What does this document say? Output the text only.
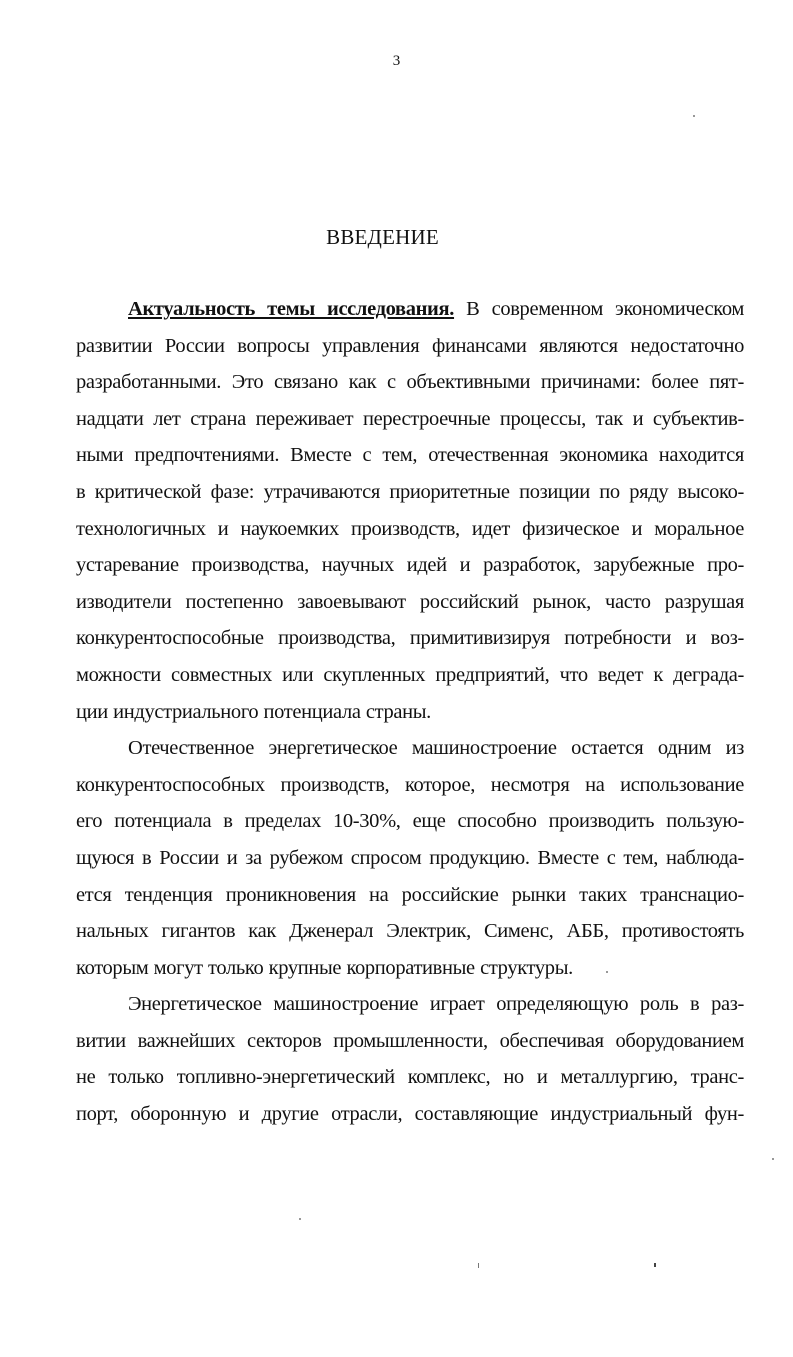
3
ВВЕДЕНИЕ
Актуальность темы исследования. В современном экономическом
развитии России вопросы управления финансами являются недостаточно
разработанными. Это связано как с объективными причинами: более пят-
надцати лет страна переживает перестроечные процессы, так и субъектив-
ными предпочтениями. Вместе с тем, отечественная экономика находится
в критической фазе: утрачиваются приоритетные позиции по ряду высоко-
технологичных и наукоемких производств, идет физическое и моральное
устаревание производства, научных идей и разработок, зарубежные про-
изводители постепенно завоевывают российский рынок, часто разрушая
конкурентоспособные производства, примитивизируя потребности и воз-
можности совместных или скупленных предприятий, что ведет к деграда-
ции индустриального потенциала страны.
Отечественное энергетическое машиностроение остается одним из
конкурентоспособных производств, которое, несмотря на использование
его потенциала в пределах 10-30%, еще способно производить пользую-
щуюся в России и за рубежом спросом продукцию. Вместе с тем, наблюда-
ется тенденция проникновения на российские рынки таких транснацио-
нальных гигантов как Дженерал Электрик, Сименс, АББ, противостоять
которым могут только крупные корпоративные структуры.
Энергетическое машиностроение играет определяющую роль в раз-
витии важнейших секторов промышленности, обеспечивая оборудованием
не только топливно-энергетический комплекс, но и металлургию, транс-
порт, оборонную и другие отрасли, составляющие индустриальный фун-
